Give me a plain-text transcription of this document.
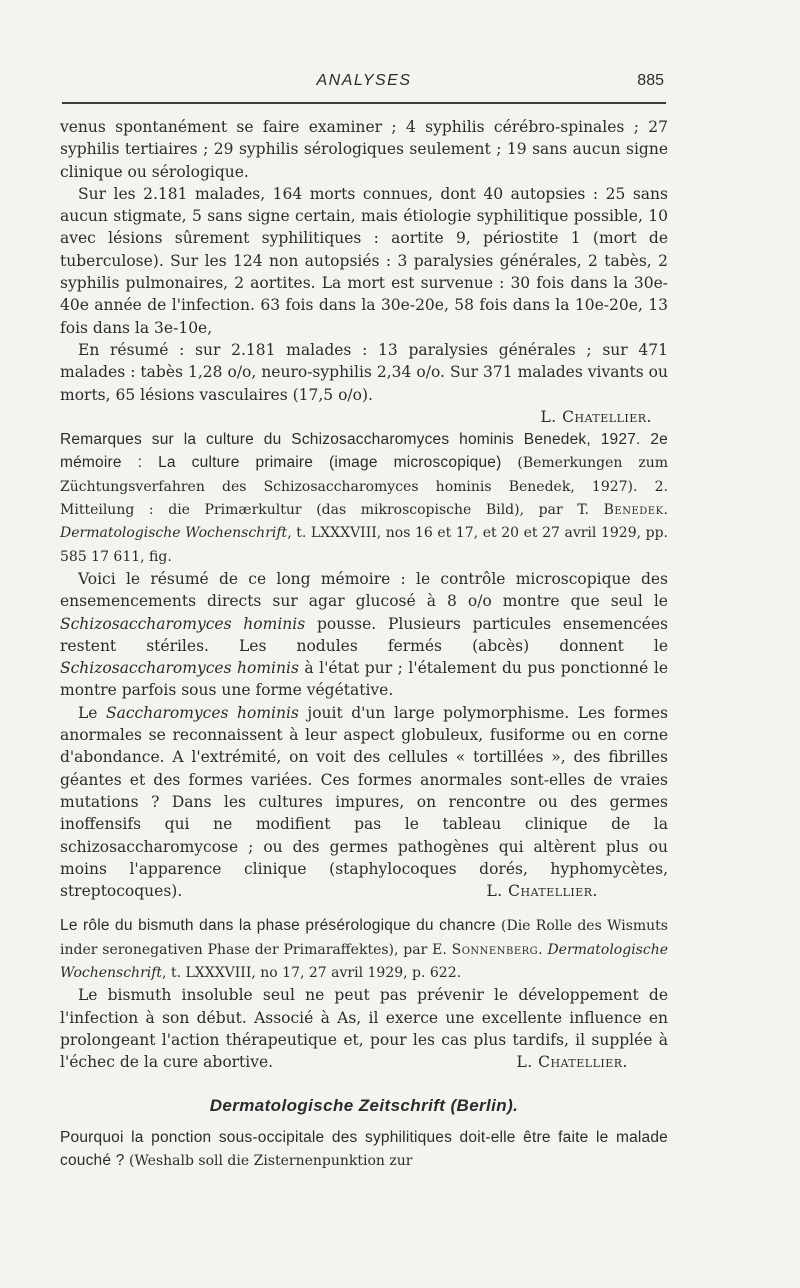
ANALYSES	885

venus spontanément se faire examiner ; 4 syphilis cérébro-spinales ; 27 syphilis tertiaires ; 29 syphilis sérologiques seulement ; 19 sans aucun signe clinique ou sérologique.

Sur les 2.181 malades, 164 morts connues, dont 40 autopsies : 25 sans aucun stigmate, 5 sans signe certain, mais étiologie syphilitique possible, 10 avec lésions sûrement syphilitiques : aortite 9, périostite 1 (mort de tuberculose). Sur les 124 non autopsiés : 3 paralysies générales, 2 tabès, 2 syphilis pulmonaires, 2 aortites. La mort est survenue : 30 fois dans la 30e-40e année de l'infection. 63 fois dans la 30e-20e, 58 fois dans la 10e-20e, 13 fois dans la 3e-10e,

En résumé : sur 2.181 malades : 13 paralysies générales ; sur 471 malades : tabès 1,28 o/o, neuro-syphilis 2,34 o/o. Sur 371 malades vivants ou morts, 65 lésions vasculaires (17,5 o/o).

L. Chatellier.

Remarques sur la culture du Schizosaccharomyces hominis Benedek, 1927. 2e mémoire : La culture primaire (image microscopique) (Bemerkungen zum Züchtungsverfahren des Schizosaccharomyces hominis Benedek, 1927). 2. Mitteilung : die Primærkultur (das mikroscopische Bild), par T. Benedek. Dermatologische Wochenschrift, t. LXXXVIII, nos 16 et 17, et 20 et 27 avril 1929, pp. 585 17 611, fig.

Voici le résumé de ce long mémoire : le contrôle microscopique des ensemencements directs sur agar glucosé à 8 o/o montre que seul le Schizosaccharomyces hominis pousse. Plusieurs particules ensemencées restent stériles. Les nodules fermés (abcès) donnent le Schizosaccharomyces hominis à l'état pur ; l'étalement du pus ponctionné le montre parfois sous une forme végétative.

Le Saccharomyces hominis jouit d'un large polymorphisme. Les formes anormales se reconnaissent à leur aspect globuleux, fusiforme ou en corne d'abondance. A l'extrémité, on voit des cellules « tortillées », des fibrilles géantes et des formes variées. Ces formes anormales sont-elles de vraies mutations ? Dans les cultures impures, on rencontre ou des germes inoffensifs qui ne modifient pas le tableau clinique de la schizosaccharomycose ; ou des germes pathogènes qui altèrent plus ou moins l'apparence clinique (staphylocoques dorés, hyphomycètes, streptocoques).	L. Chatellier.

Le rôle du bismuth dans la phase présérologique du chancre (Die Rolle des Wismuts inder seronegativen Phase der Primaraffektes), par E. Sonnenberg. Dermatologische Wochenschrift, t. LXXXVIII, no 17, 27 avril 1929, p. 622.

Le bismuth insoluble seul ne peut pas prévenir le développement de l'infection à son début. Associé à As, il exerce une excellente influence en prolongeant l'action thérapeutique et, pour les cas plus tardifs, il supplée à l'échec de la cure abortive.	L. Chatellier.

Dermatologische Zeitschrift (Berlin).

Pourquoi la ponction sous-occipitale des syphilitiques doit-elle être faite le malade couché ? (Weshalb soll die Zisternenpunktion zur
